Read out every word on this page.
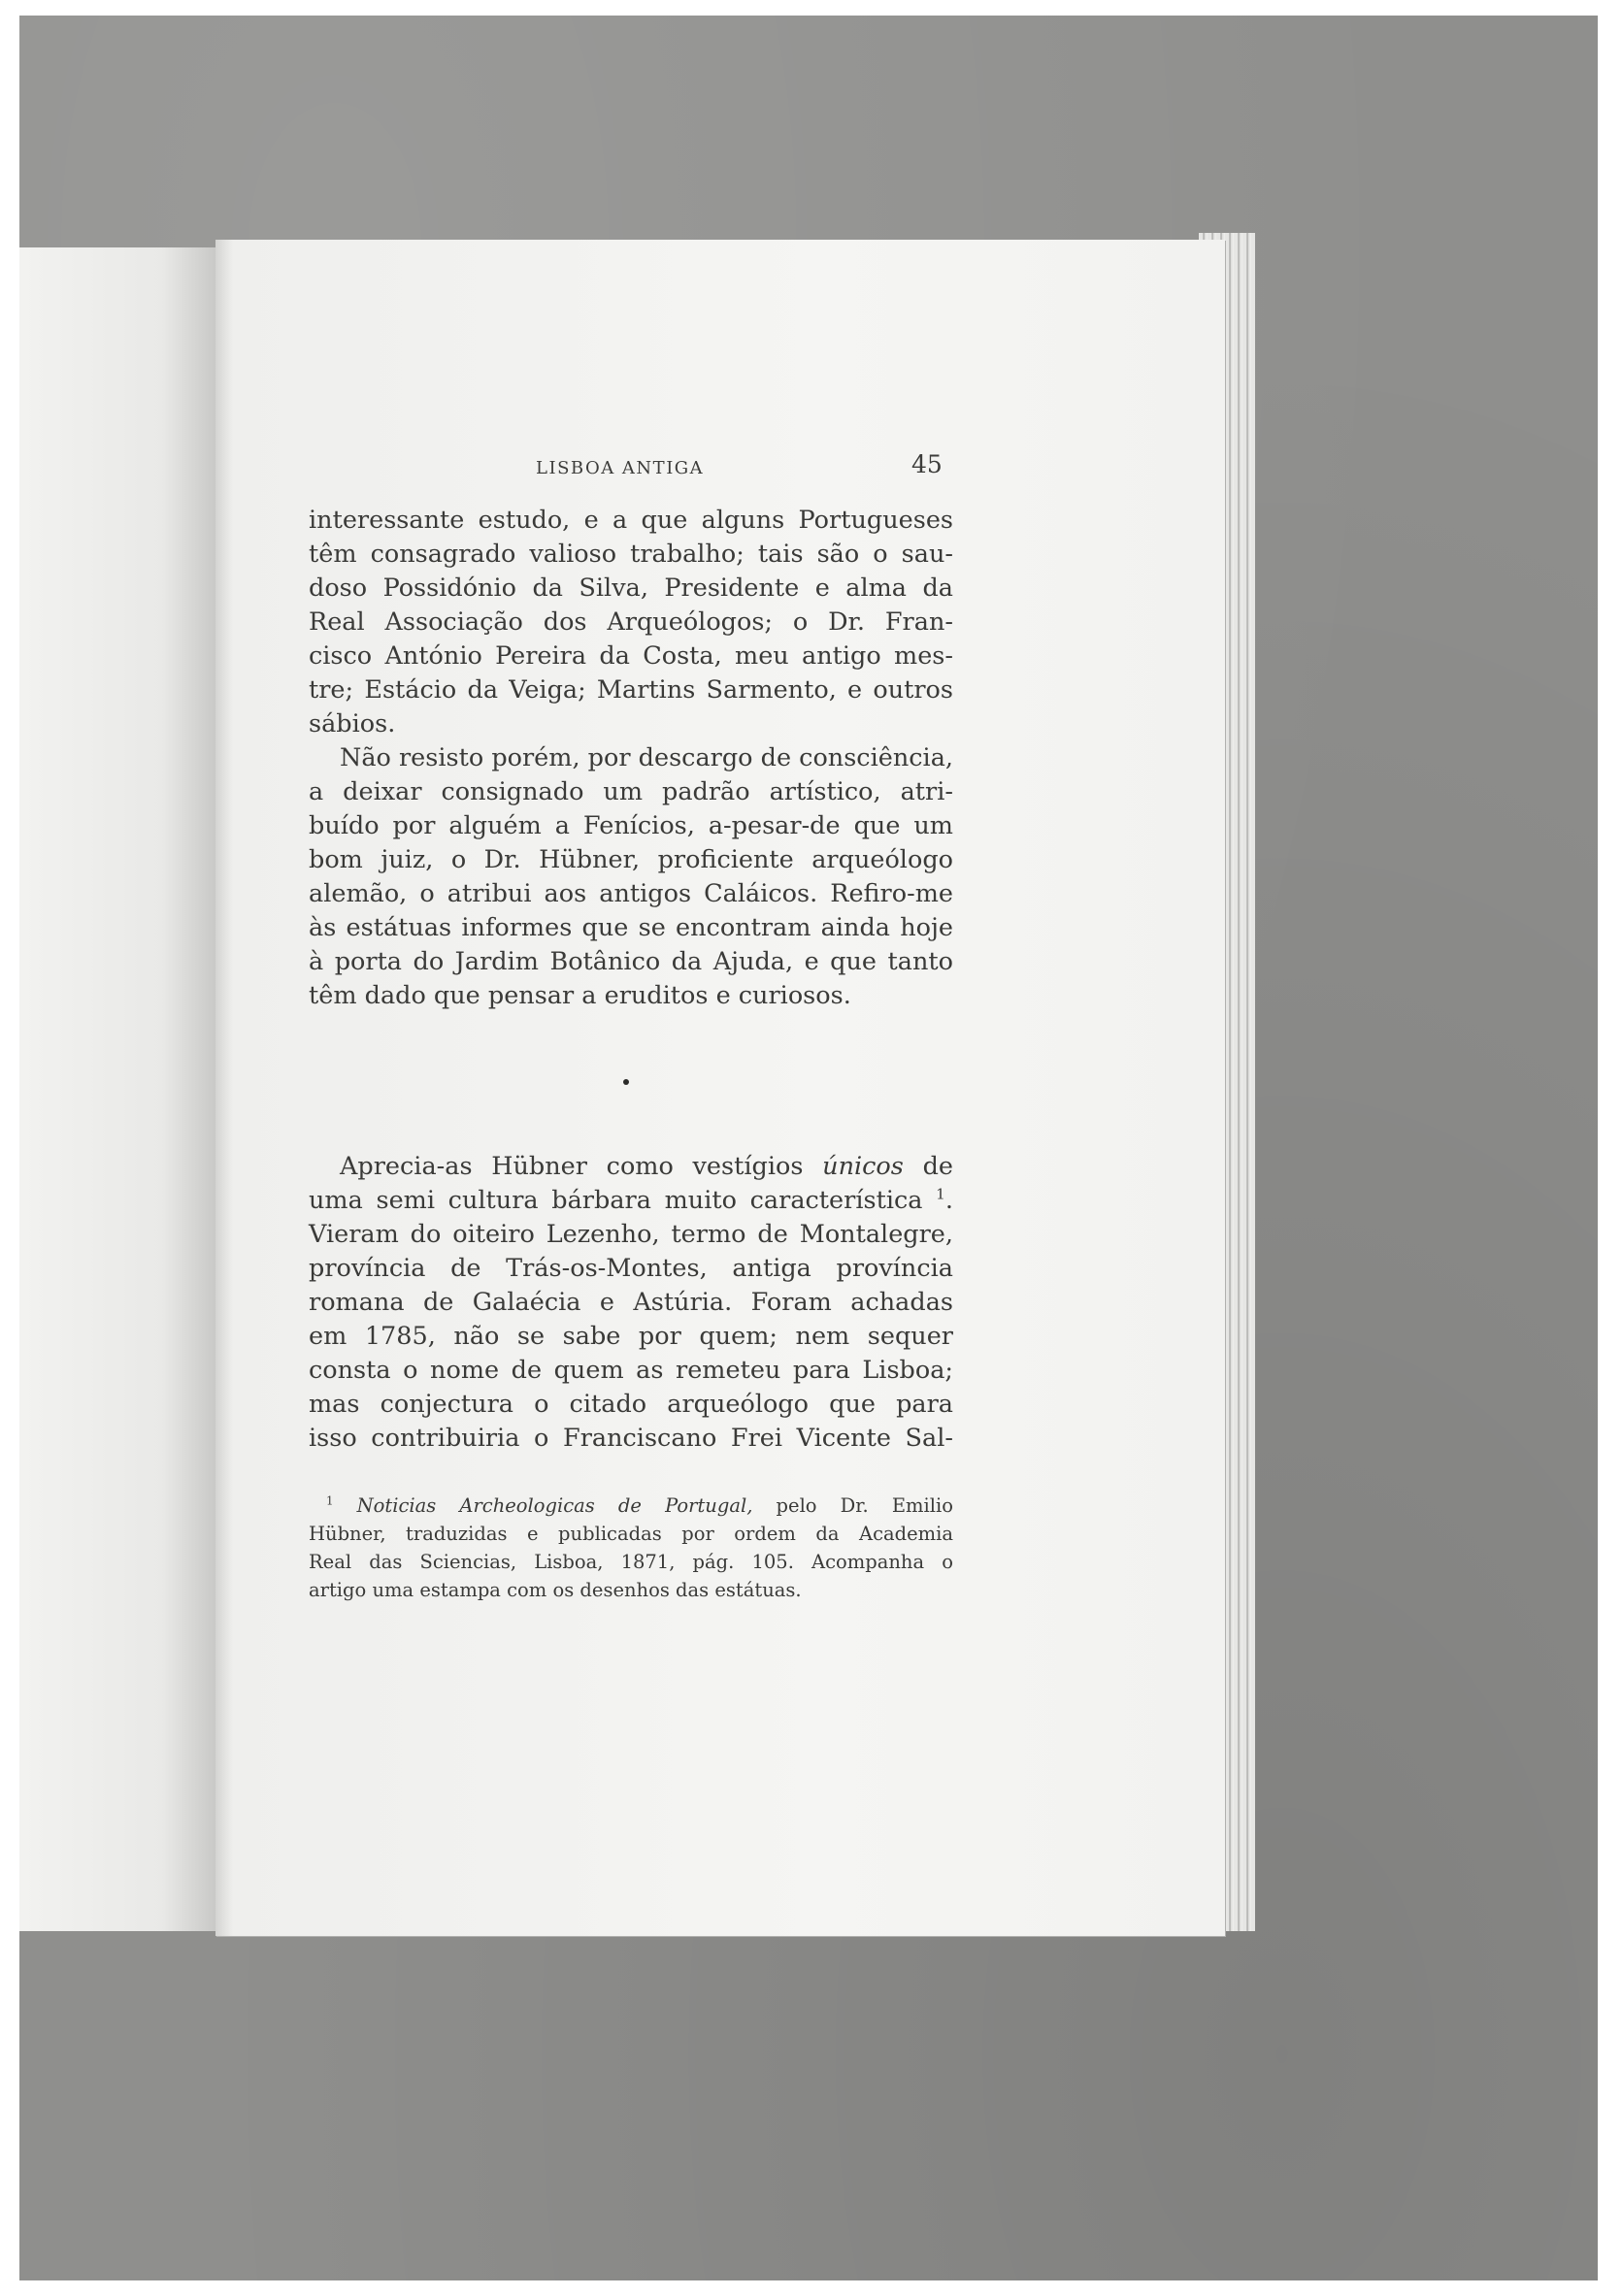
LISBOA ANTIGA	45
interessante estudo, e a que alguns Portugueses
têm consagrado valioso trabalho; tais são o sau-
doso Possidónio da Silva, Presidente e alma da
Real Associação dos Arqueólogos; o Dr. Fran-
cisco António Pereira da Costa, meu antigo mes-
tre; Estácio da Veiga; Martins Sarmento, e outros
sábios.
Não resisto porém, por descargo de consciência,
a deixar consignado um padrão artístico, atri-
buído por alguém a Fenícios, a-pesar-de que um
bom juiz, o Dr. Hübner, proficiente arqueólogo
alemão, o atribui aos antigos Caláicos. Refiro-me
às estátuas informes que se encontram ainda hoje
à porta do Jardim Botânico da Ajuda, e que tanto
têm dado que pensar a eruditos e curiosos.
Aprecia-as Hübner como vestígios únicos de
uma semi cultura bárbara muito característica $^1$.
Vieram do oiteiro Lezenho, termo de Montalegre,
província de Trás-os-Montes, antiga província
romana de Galaécia e Astúria. Foram achadas
em 1785, não se sabe por quem; nem sequer
consta o nome de quem as remeteu para Lisboa;
mas conjectura o citado arqueólogo que para
isso contribuiria o Franciscano Frei Vicente Sal-
$^1$ Noticias Archeologicas de Portugal, pelo Dr. Emilio
Hübner, traduzidas e publicadas por ordem da Academia
Real das Sciencias, Lisboa, 1871, pág. 105. Acompanha o
artigo uma estampa com os desenhos das estátuas.
